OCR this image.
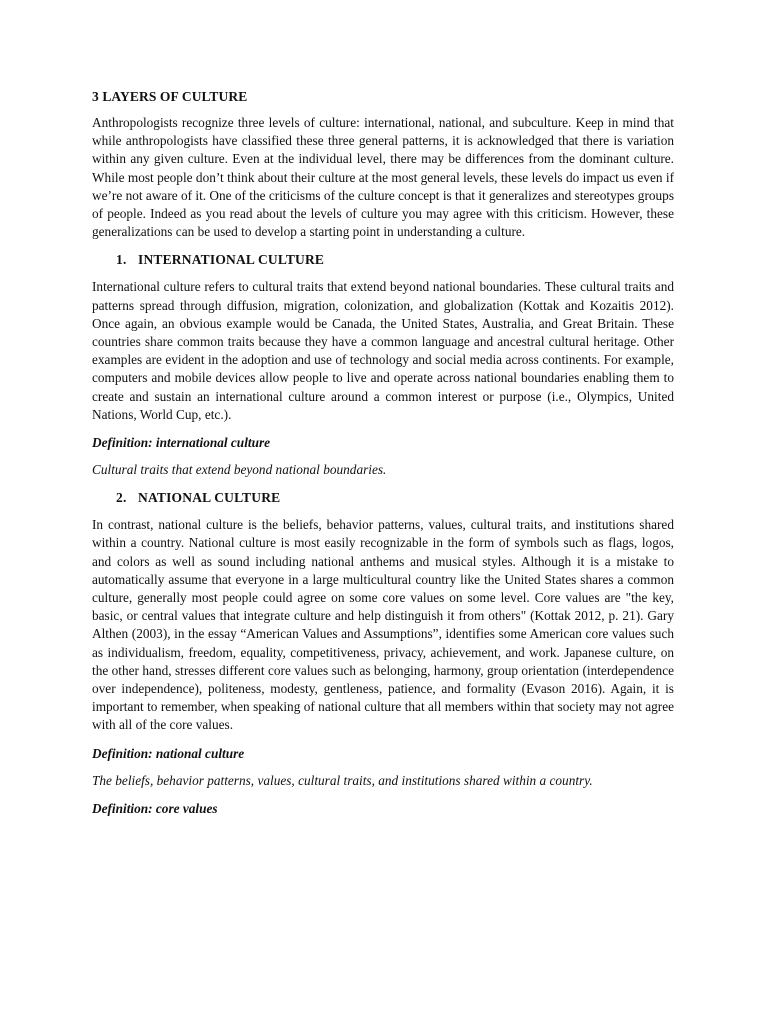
3 LAYERS OF CULTURE

Anthropologists recognize three levels of culture: international, national, and subculture. Keep in mind that while anthropologists have classified these three general patterns, it is acknowledged that there is variation within any given culture. Even at the individual level, there may be differences from the dominant culture. While most people don’t think about their culture at the most general levels, these levels do impact us even if we’re not aware of it. One of the criticisms of the culture concept is that it generalizes and stereotypes groups of people. Indeed as you read about the levels of culture you may agree with this criticism. However, these generalizations can be used to develop a starting point in understanding a culture.

1. INTERNATIONAL CULTURE

International culture refers to cultural traits that extend beyond national boundaries. These cultural traits and patterns spread through diffusion, migration, colonization, and globalization (Kottak and Kozaitis 2012). Once again, an obvious example would be Canada, the United States, Australia, and Great Britain. These countries share common traits because they have a common language and ancestral cultural heritage. Other examples are evident in the adoption and use of technology and social media across continents. For example, computers and mobile devices allow people to live and operate across national boundaries enabling them to create and sustain an international culture around a common interest or purpose (i.e., Olympics, United Nations, World Cup, etc.).

Definition: international culture

Cultural traits that extend beyond national boundaries.

2. NATIONAL CULTURE

In contrast, national culture is the beliefs, behavior patterns, values, cultural traits, and institutions shared within a country. National culture is most easily recognizable in the form of symbols such as flags, logos, and colors as well as sound including national anthems and musical styles. Although it is a mistake to automatically assume that everyone in a large multicultural country like the United States shares a common culture, generally most people could agree on some core values on some level. Core values are "the key, basic, or central values that integrate culture and help distinguish it from others" (Kottak 2012, p. 21). Gary Althen (2003), in the essay “American Values and Assumptions”, identifies some American core values such as individualism, freedom, equality, competitiveness, privacy, achievement, and work. Japanese culture, on the other hand, stresses different core values such as belonging, harmony, group orientation (interdependence over independence), politeness, modesty, gentleness, patience, and formality (Evason 2016). Again, it is important to remember, when speaking of national culture that all members within that society may not agree with all of the core values.

Definition: national culture

The beliefs, behavior patterns, values, cultural traits, and institutions shared within a country.

Definition: core values
